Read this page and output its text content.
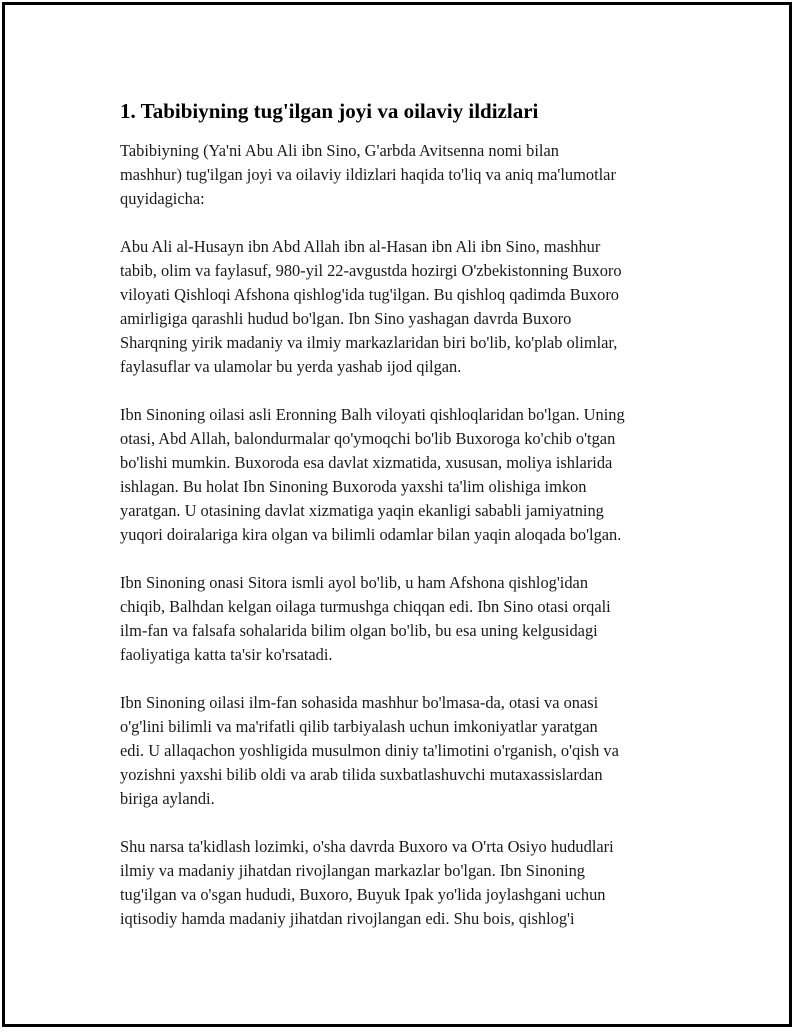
1. Tabibiyning tug'ilgan joyi va oilaviy ildizlari

Tabibiyning (Ya'ni Abu Ali ibn Sino, G'arbda Avitsenna nomi bilan
mashhur) tug'ilgan joyi va oilaviy ildizlari haqida to'liq va aniq ma'lumotlar
quyidagicha:

Abu Ali al-Husayn ibn Abd Allah ibn al-Hasan ibn Ali ibn Sino, mashhur
tabib, olim va faylasuf, 980-yil 22-avgustda hozirgi O'zbekistonning Buxoro
viloyati Qishloqi Afshona qishlog'ida tug'ilgan. Bu qishloq qadimda Buxoro
amirligiga qarashli hudud bo'lgan. Ibn Sino yashagan davrda Buxoro
Sharqning yirik madaniy va ilmiy markazlaridan biri bo'lib, ko'plab olimlar,
faylasuflar va ulamolar bu yerda yashab ijod qilgan.

Ibn Sinoning oilasi asli Eronning Balh viloyati qishloqlaridan bo'lgan. Uning
otasi, Abd Allah, balondurmalar qo'ymoqchi bo'lib Buxoroga ko'chib o'tgan
bo'lishi mumkin. Buxoroda esa davlat xizmatida, xususan, moliya ishlarida
ishlagan. Bu holat Ibn Sinoning Buxoroda yaxshi ta'lim olishiga imkon
yaratgan. U otasining davlat xizmatiga yaqin ekanligi sababli jamiyatning
yuqori doiralariga kira olgan va bilimli odamlar bilan yaqin aloqada bo'lgan.

Ibn Sinoning onasi Sitora ismli ayol bo'lib, u ham Afshona qishlog'idan
chiqib, Balhdan kelgan oilaga turmushga chiqqan edi. Ibn Sino otasi orqali
ilm-fan va falsafa sohalarida bilim olgan bo'lib, bu esa uning kelgusidagi
faoliyatiga katta ta'sir ko'rsatadi.

Ibn Sinoning oilasi ilm-fan sohasida mashhur bo'lmasa-da, otasi va onasi
o'g'lini bilimli va ma'rifatli qilib tarbiyalash uchun imkoniyatlar yaratgan
edi. U allaqachon yoshligida musulmon diniy ta'limotini o'rganish, o'qish va
yozishni yaxshi bilib oldi va arab tilida suxbatlashuvchi mutaxassislardan
biriga aylandi.

Shu narsa ta'kidlash lozimki, o'sha davrda Buxoro va O'rta Osiyo hududlari
ilmiy va madaniy jihatdan rivojlangan markazlar bo'lgan. Ibn Sinoning
tug'ilgan va o'sgan hududi, Buxoro, Buyuk Ipak yo'lida joylashgani uchun
iqtisodiy hamda madaniy jihatdan rivojlangan edi. Shu bois, qishlog'i
